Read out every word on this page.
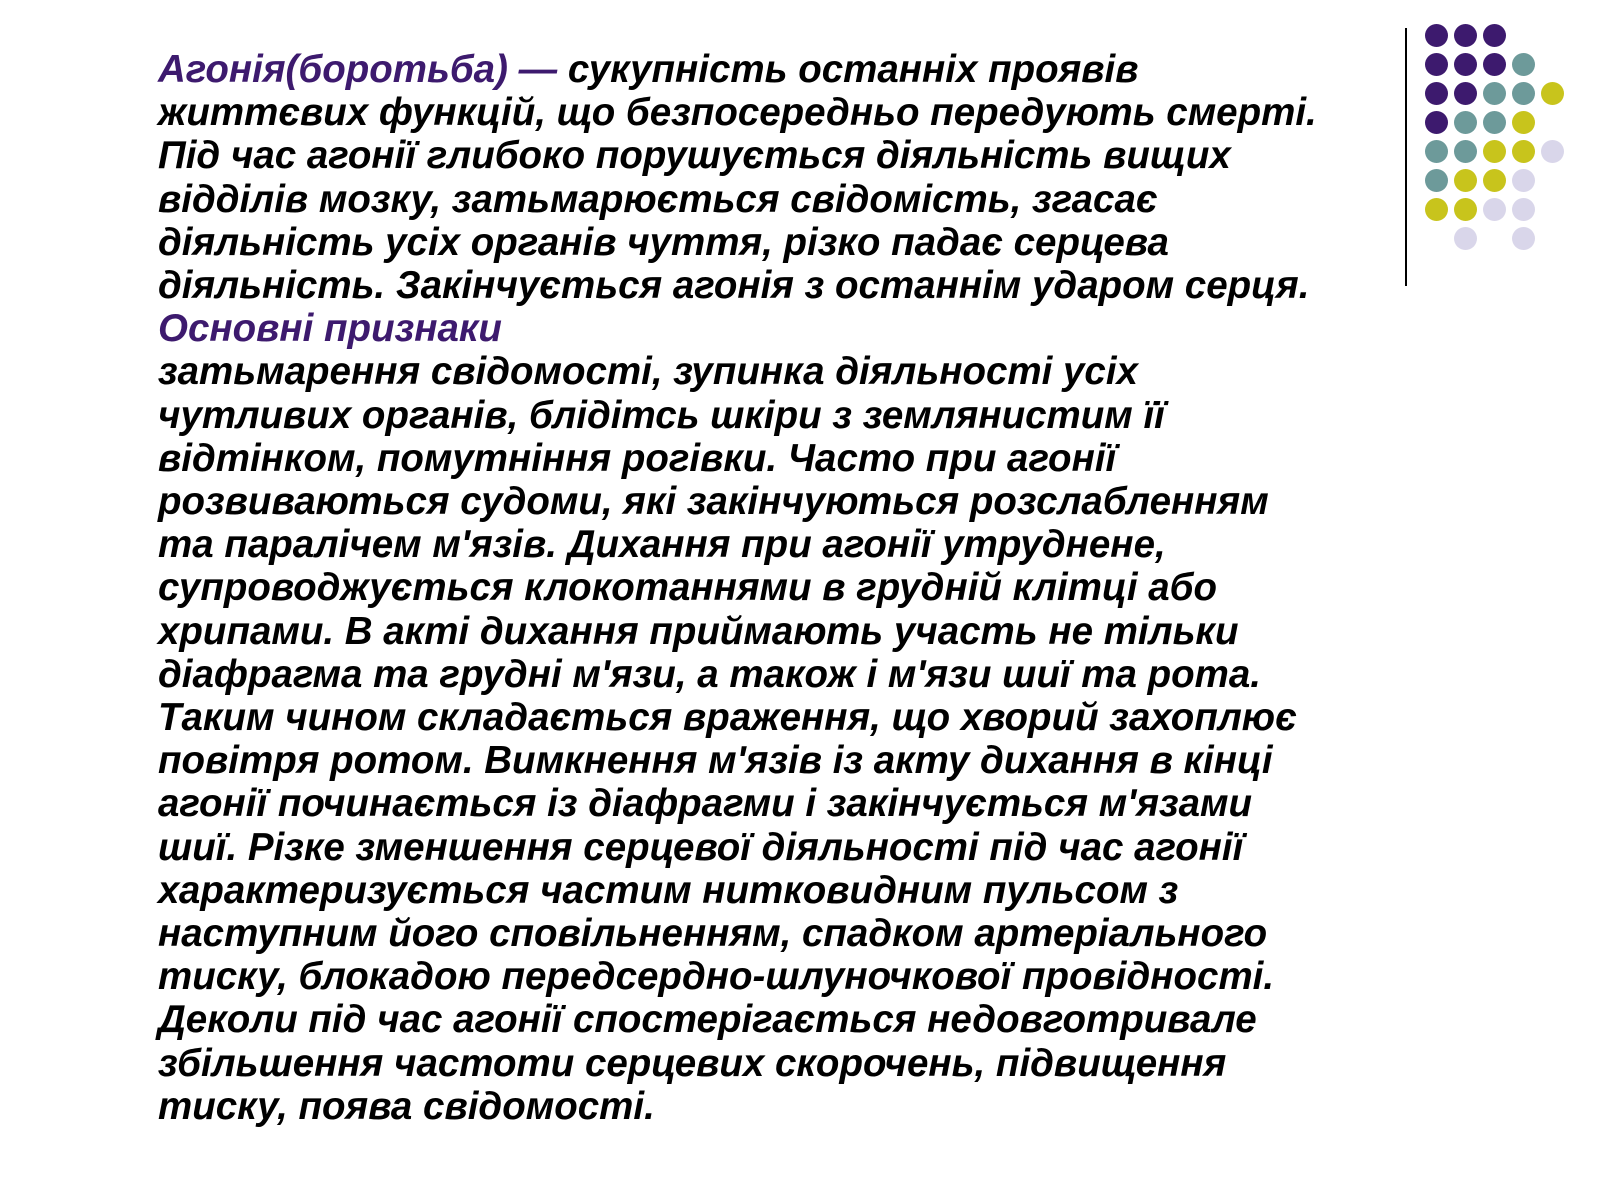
Агонія(боротьба) — сукупність останніх проявів
життєвих функцій, що безпосередньо передують смерті.
Під час агонії глибоко порушується діяльність вищих
відділів мозку, затьмарюється свідомість, згасає
діяльність усіх органів чуття, різко падає серцева
діяльність. Закінчується агонія з останнім ударом серця.
Основні признаки
затьмарення свідомості, зупинка діяльності усіх
чутливих органів, блідітсь шкіри з землянистим її
відтінком, помутніння рогівки. Часто при агонії
розвиваються судоми, які закінчуються розслабленням
та паралічем м'язів. Дихання при агонії утруднене,
супроводжується клокотаннями в грудній клітці або
хрипами. В акті дихання приймають участь не тільки
діафрагма та грудні м'язи, а також і м'язи шиї та рота.
Таким чином складається враження, що хворий захоплює
повітря ротом. Вимкнення м'язів із акту дихання в кінці
агонії починається із діафрагми і закінчується м'язами
шиї. Різке зменшення серцевої діяльності під час агонії
характеризується частим нитковидним пульсом з
наступним його сповільненням, спадком артеріального
тиску, блокадою передсердно-шлуночкової провідності.
Деколи під час агонії спостерігається недовготривале
збільшення частоти серцевих скорочень, підвищення
тиску, поява свідомості.
